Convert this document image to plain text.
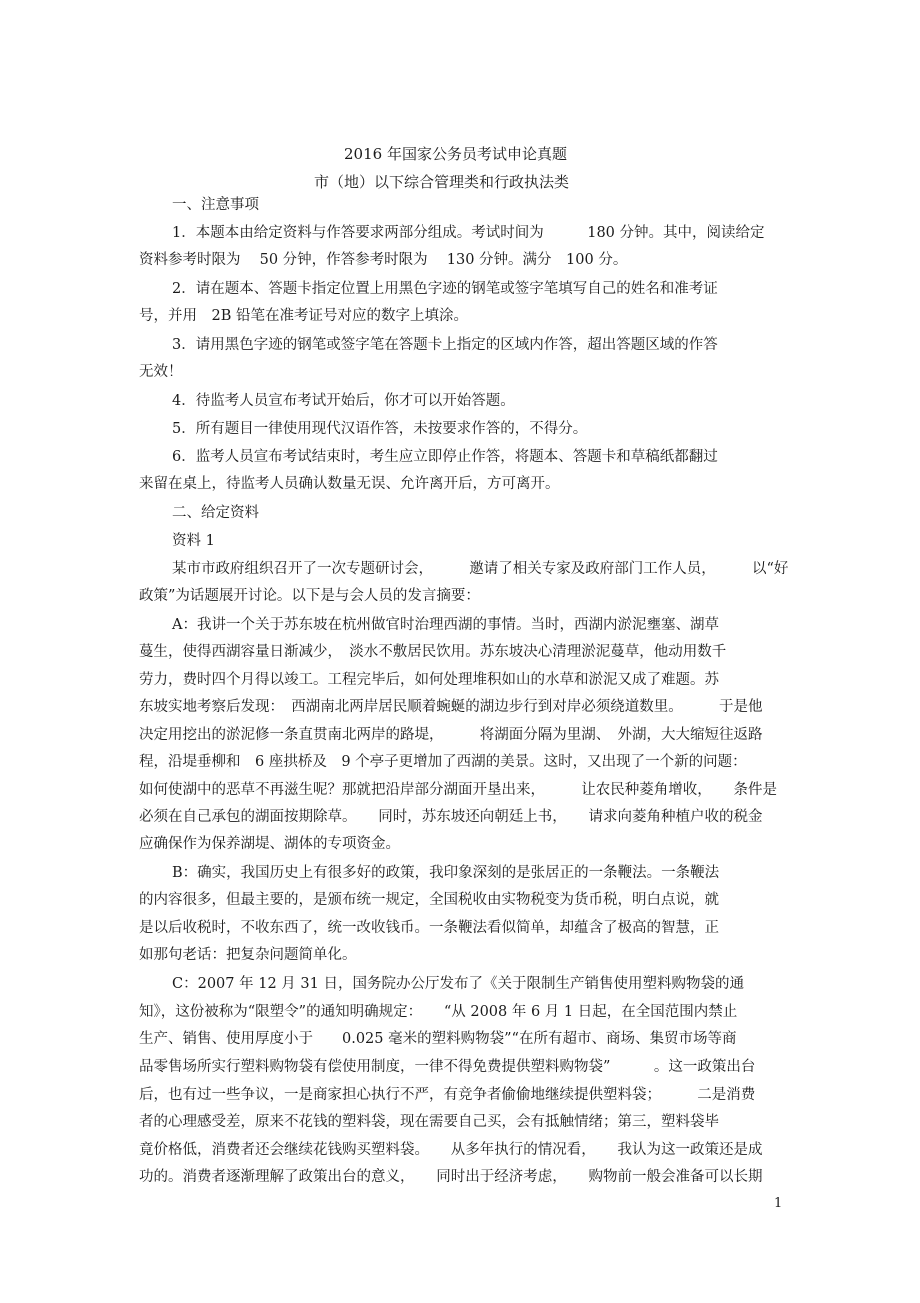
2016 年国家公务员考试申论真题
市（地）以下综合管理类和行政执法类
一、注意事项
1．本题本由给定资料与作答要求两部分组成。考试时间为　　　180 分钟。其中，阅读给定
资料参考时限为　 50 分钟，作答参考时限为　 130 分钟。满分　100 分。
2．请在题本、答题卡指定位置上用黑色字迹的钢笔或签字笔填写自己的姓名和准考证
号，并用　2B 铅笔在准考证号对应的数字上填涂。
3．请用黑色字迹的钢笔或签字笔在答题卡上指定的区域内作答，超出答题区域的作答
无效！
4．待监考人员宣布考试开始后，你才可以开始答题。
5．所有题目一律使用现代汉语作答，未按要求作答的，不得分。
6．监考人员宣布考试结束时，考生应立即停止作答，将题本、答题卡和草稿纸都翻过
来留在桌上，待监考人员确认数量无误、允许离开后，方可离开。
二、给定资料
资料 1
某市市政府组织召开了一次专题研讨会，　　　邀请了相关专家及政府部门工作人员，　　　以“好
政策”为话题展开讨论。以下是与会人员的发言摘要：
A：我讲一个关于苏东坡在杭州做官时治理西湖的事情。当时，西湖内淤泥壅塞、湖草
蔓生，使得西湖容量日渐减少，　淡水不敷居民饮用。苏东坡决心清理淤泥蔓草，他动用数千
劳力，费时四个月得以竣工。工程完毕后，如何处理堆积如山的水草和淤泥又成了难题。苏
东坡实地考察后发现：　西湖南北两岸居民顺着蜿蜒的湖边步行到对岸必须绕道数里。　　　于是他
决定用挖出的淤泥修一条直贯南北两岸的路堤，　　　将湖面分隔为里湖、　外湖，大大缩短往返路
程，沿堤垂柳和　6 座拱桥及　9 个亭子更增加了西湖的美景。这时，又出现了一个新的问题：
如何使湖中的恶草不再滋生呢？那就把沿岸部分湖面开垦出来，　　　让农民种菱角增收，　　条件是
必须在自己承包的湖面按期除草。　　同时，苏东坡还向朝廷上书，　　请求向菱角种植户收的税金
应确保作为保养湖堤、湖体的专项资金。
B：确实，我国历史上有很多好的政策，我印象深刻的是张居正的一条鞭法。一条鞭法
的内容很多，但最主要的，是颁布统一规定，全国税收由实物税变为货币税，明白点说，就
是以后收税时，不收东西了，统一改收钱币。一条鞭法看似简单，却蕴含了极高的智慧，正
如那句老话：把复杂问题简单化。
C：2007 年 12 月 31 日，国务院办公厅发布了《关于限制生产销售使用塑料购物袋的通
知》，这份被称为“限塑令”的通知明确规定：　　“从 2008 年 6 月 1 日起，在全国范围内禁止
生产、销售、使用厚度小于　　0.025 毫米的塑料购物袋”“在所有超市、商场、集贸市场等商
品零售场所实行塑料购物袋有偿使用制度，一律不得免费提供塑料购物袋”　　　。这一政策出台
后，也有过一些争议，一是商家担心执行不严，有竞争者偷偷地继续提供塑料袋；　　　二是消费
者的心理感受差，原来不花钱的塑料袋，现在需要自己买，会有抵触情绪；第三，塑料袋毕
竟价格低，消费者还会继续花钱购买塑料袋。　　从多年执行的情况看，　　我认为这一政策还是成
功的。消费者逐渐理解了政策出台的意义，　　同时出于经济考虑，　　购物前一般会准备可以长期
1
